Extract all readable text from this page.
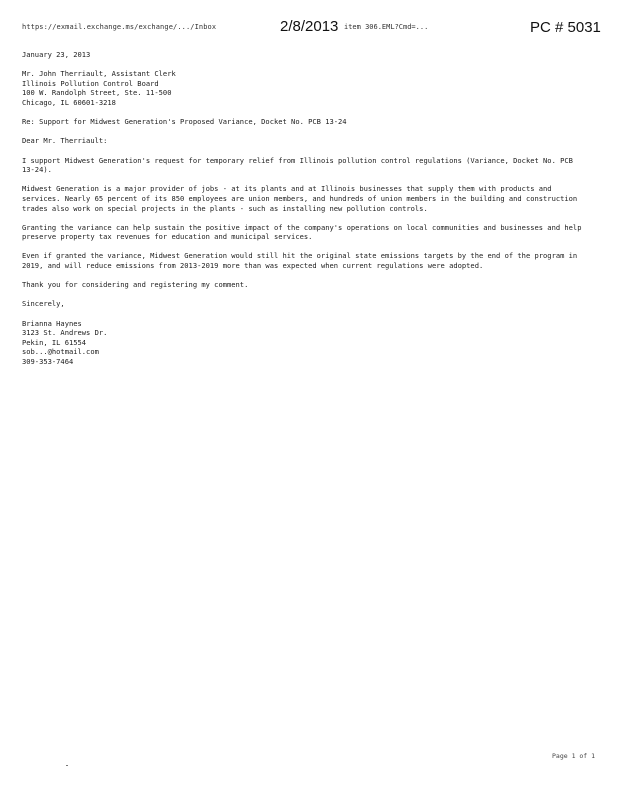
https://exmail.exchange.ms/exchange/.../Inbox	2/8/2013 item 306.EML?Cmd=...	PC # 5031
January 23, 2013
Mr. John Therriault, Assistant Clerk
Illinois Pollution Control Board
100 W. Randolph Street, Ste. 11-500
Chicago, IL 60601-3218
Re: Support for Midwest Generation's Proposed Variance, Docket No. PCB 13-24
Dear Mr. Therriault:
I support Midwest Generation's request for temporary relief from Illinois pollution control regulations (Variance, Docket No. PCB 13-24).
Midwest Generation is a major provider of jobs - at its plants and at Illinois businesses that supply them with products and services. Nearly 65 percent of its 850 employees are union members, and hundreds of union members in the building and construction trades also work on special projects in the plants - such as installing new pollution controls.
Granting the variance can help sustain the positive impact of the company's operations on local communities and businesses and help preserve property tax revenues for education and municipal services.
Even if granted the variance, Midwest Generation would still hit the original state emissions targets by the end of the program in 2019, and will reduce emissions from 2013-2019 more than was expected when current regulations were adopted.
Thank you for considering and registering my comment.
Sincerely,
Brianna Haynes
3123 St. Andrews Dr.
Pekin, IL 61554
sob...@hotmail.com
309-353-7464
Page 1 of 1
